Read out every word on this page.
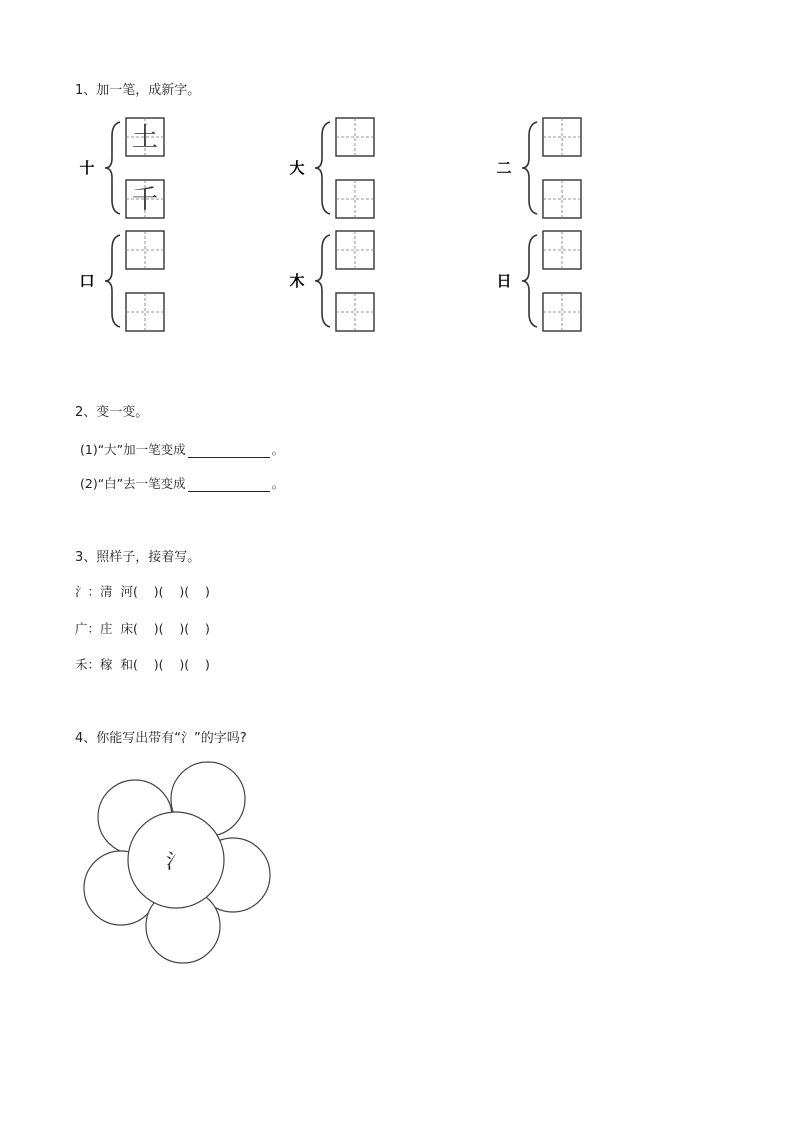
1、加一笔，成新字。
十
土
千
大	二
口	木	日
2、变一变。
(1)“大”加一笔变成	。
(2)“白”去一笔变成	。
3、照样子，接着写。
氵：清  河(    )(    )(    )
广：庄  床(    )(    )(    )
禾：稼  和(    )(    )(    )
4、你能写出带有“氵”的字吗?
氵
